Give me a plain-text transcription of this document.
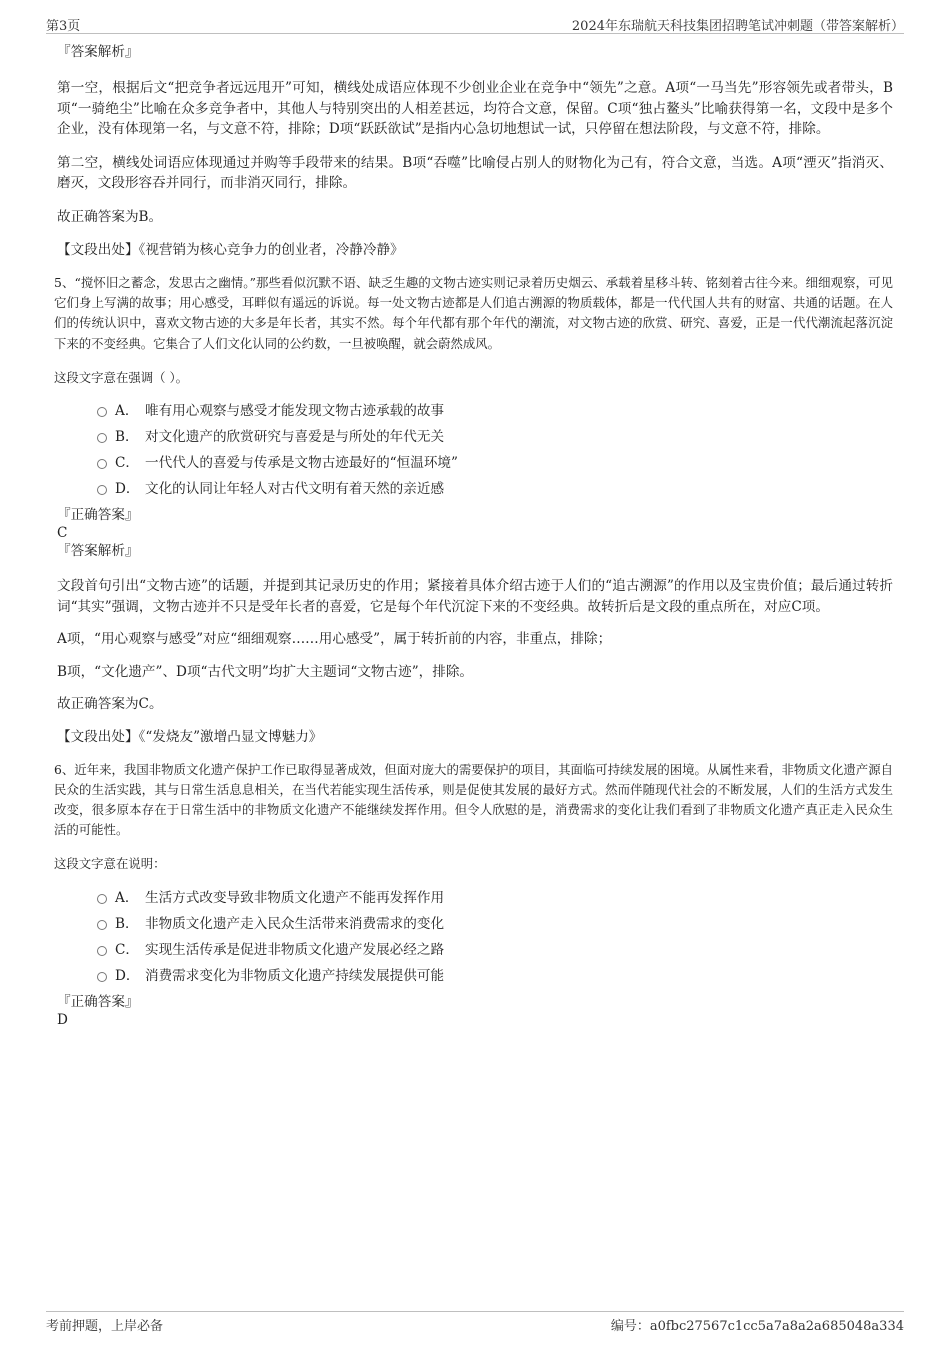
第3页	2024年东瑞航天科技集团招聘笔试冲刺题（带答案解析）

『答案解析』

第一空，根据后文“把竞争者远远甩开”可知，横线处成语应体现不少创业企业在竞争中“领先”之意。A项“一马当先”形容领先或者带头，B项“一骑绝尘”比喻在众多竞争者中，其他人与特别突出的人相差甚远，均符合文意，保留。C项“独占鳌头”比喻获得第一名，文段中是多个企业，没有体现第一名，与文意不符，排除；D项“跃跃欲试”是指内心急切地想试一试，只停留在想法阶段，与文意不符，排除。

第二空，横线处词语应体现通过并购等手段带来的结果。B项“吞噬”比喻侵占别人的财物化为己有，符合文意，当选。A项“湮灭”指消灭、磨灭，文段形容吞并同行，而非消灭同行，排除。

故正确答案为B。

【文段出处】《视营销为核心竞争力的创业者，冷静冷静》

5、“搅怀旧之蓄念，发思古之幽情。”那些看似沉默不语、缺乏生趣的文物古迹实则记录着历史烟云、承载着星移斗转、铭刻着古往今来。细细观察，可见它们身上写满的故事；用心感受，耳畔似有遥远的诉说。每一处文物古迹都是人们追古溯源的物质载体，都是一代代国人共有的财富、共通的话题。在人们的传统认识中，喜欢文物古迹的大多是年长者，其实不然。每个年代都有那个年代的潮流，对文物古迹的欣赏、研究、喜爱，正是一代代潮流起落沉淀下来的不变经典。它集合了人们文化认同的公约数，一旦被唤醒，就会蔚然成风。

这段文字意在强调（ ）。

A． 唯有用心观察与感受才能发现文物古迹承载的故事
B． 对文化遗产的欣赏研究与喜爱是与所处的年代无关
C． 一代代人的喜爱与传承是文物古迹最好的“恒温环境”
D． 文化的认同让年轻人对古代文明有着天然的亲近感

『正确答案』

C

『答案解析』

文段首句引出“文物古迹”的话题，并提到其记录历史的作用；紧接着具体介绍古迹于人们的“追古溯源”的作用以及宝贵价值；最后通过转折词“其实”强调，文物古迹并不只是受年长者的喜爱，它是每个年代沉淀下来的不变经典。故转折后是文段的重点所在，对应C项。

A项，“用心观察与感受”对应“细细观察……用心感受”，属于转折前的内容，非重点，排除；

B项，“文化遗产”、D项“古代文明”均扩大主题词“文物古迹”，排除。

故正确答案为C。

【文段出处】《“发烧友”激增凸显文博魅力》

6、近年来，我国非物质文化遗产保护工作已取得显著成效，但面对庞大的需要保护的项目，其面临可持续发展的困境。从属性来看，非物质文化遗产源自民众的生活实践，其与日常生活息息相关，在当代若能实现生活传承，则是促使其发展的最好方式。然而伴随现代社会的不断发展，人们的生活方式发生改变，很多原本存在于日常生活中的非物质文化遗产不能继续发挥作用。但令人欣慰的是，消费需求的变化让我们看到了非物质文化遗产真正走入民众生活的可能性。

这段文字意在说明：

A． 生活方式改变导致非物质文化遗产不能再发挥作用
B． 非物质文化遗产走入民众生活带来消费需求的变化
C． 实现生活传承是促进非物质文化遗产发展必经之路
D． 消费需求变化为非物质文化遗产持续发展提供可能

『正确答案』

D

考前押题，上岸必备	编号：a0fbc27567c1cc5a7a8a2a685048a334
